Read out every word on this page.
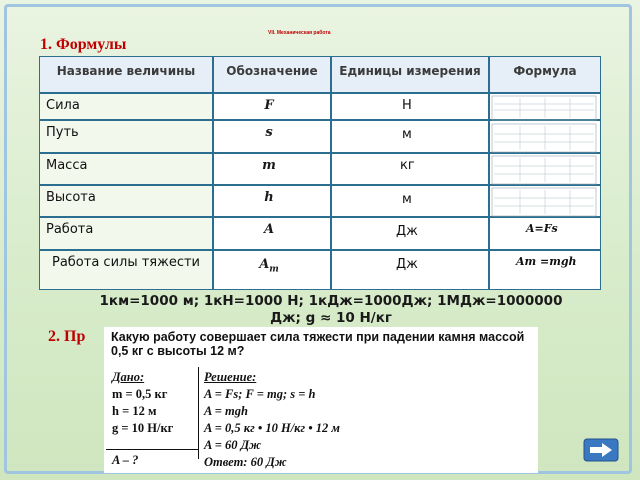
VII. Механическая работа
1. Формулы
Название величины	Обозначение	Единицы измерения	Формула
Сила	F	Н
Путь	s	м
Масса	m	кг
Высота	h	м
Работа	A	Дж	A=Fs
Работа силы тяжести	$A_т$	Дж	Aт =mgh
1км=1000 м; 1кН=1000 Н; 1кДж=1000Дж; 1МДж=1000000
Дж; g ≈ 10 Н/кг
2. Пр Какую работу совершает сила тяжести при падении камня массой 0,5 кг с высоты 12 м?
Дано:
m = 0,5 кг
h = 12 м
g = 10 Н/кг
A – ?
Решение:
A = Fs; F = mg; s = h
A = mgh
A = 0,5 кг • 10 Н/кг • 12 м
A = 60 Дж
Ответ: 60 Дж
